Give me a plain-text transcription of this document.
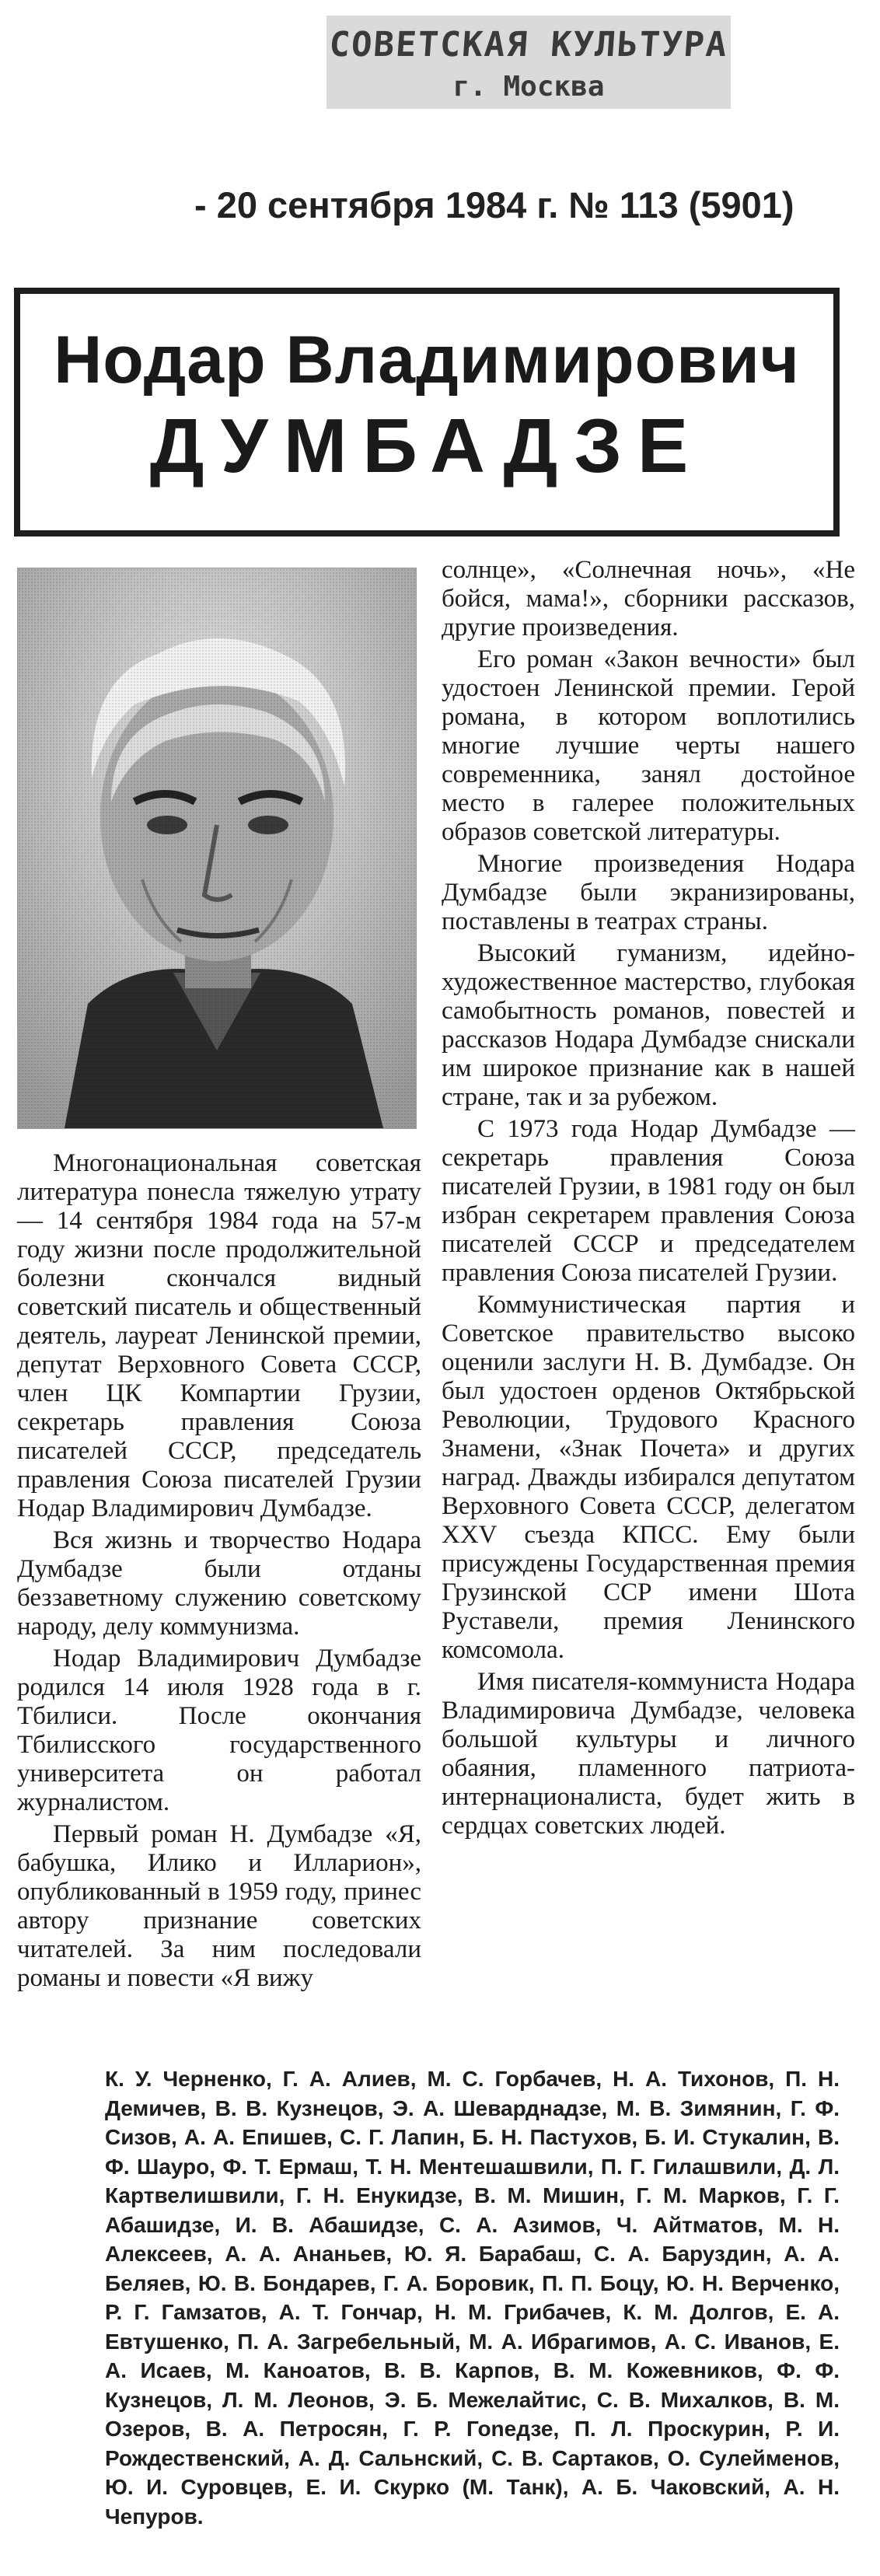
СОВЕТСКАЯ КУЛЬТУРА
г. Москва
- 20 сентября 1984 г. № 113 (5901)
Нодар Владимирович
ДУМБАДЗЕ

Многонациональная советская литература понесла тяжелую утрату — 14 сентября 1984 года на 57-м году жизни после продолжительной болезни скончался видный советский писатель и общественный деятель, лауреат Ленинской премии, депутат Верховного Совета СССР, член ЦК Компартии Грузии, секретарь правления Союза писателей СССР, председатель правления Союза писателей Грузии Нодар Владимирович Думбадзе.

Вся жизнь и творчество Нодара Думбадзе были отданы беззаветному служению советскому народу, делу коммунизма.

Нодар Владимирович Думбадзе родился 14 июля 1928 года в г. Тбилиси. После окончания Тбилисского государственного университета он работал журналистом.

Первый роман Н. Думбадзе «Я, бабушка, Илико и Илларион», опубликованный в 1959 году, принес автору признание советских читателей. За ним последовали романы и повести «Я вижу

солнце», «Солнечная ночь», «Не бойся, мама!», сборники рассказов, другие произведения.

Его роман «Закон вечности» был удостоен Ленинской премии. Герой романа, в котором воплотились многие лучшие черты нашего современника, занял достойное место в галерее положительных образов советской литературы.

Многие произведения Нодара Думбадзе были экранизированы, поставлены в театрах страны.

Высокий гуманизм, идейно-художественное мастерство, глубокая самобытность романов, повестей и рассказов Нодара Думбадзе снискали им широкое признание как в нашей стране, так и за рубежом.

С 1973 года Нодар Думбадзе — секретарь правления Союза писателей Грузии, в 1981 году он был избран секретарем правления Союза писателей СССР и председателем правления Союза писателей Грузии.

Коммунистическая партия и Советское правительство высоко оценили заслуги Н. В. Думбадзе. Он был удостоен орденов Октябрьской Революции, Трудового Красного Знамени, «Знак Почета» и других наград. Дважды избирался депутатом Верховного Совета СССР, делегатом XXV съезда КПСС. Ему были присуждены Государственная премия Грузинской ССР имени Шота Руставели, премия Ленинского комсомола.

Имя писателя-коммуниста Нодара Владимировича Думбадзе, человека большой культуры и личного обаяния, пламенного патриота-интернационалиста, будет жить в сердцах советских людей.

К. У. Черненко, Г. А. Алиев, М. С. Горбачев, Н. А. Тихонов, П. Н. Демичев, В. В. Кузнецов, Э. А. Шеварднадзе, М. В. Зимянин, Г. Ф. Сизов, А. А. Епишев, С. Г. Лапин, Б. Н. Пастухов, Б. И. Стукалин, В. Ф. Шауро, Ф. Т. Ермаш, Т. Н. Ментешашвили, П. Г. Гилашвили, Д. Л. Картвелишвили, Г. Н. Енукидзе, В. М. Мишин, Г. М. Марков, Г. Г. Абашидзе, И. В. Абашидзе, С. А. Азимов, Ч. Айтматов, М. Н. Алексеев, А. А. Ананьев, Ю. Я. Барабаш, С. А. Баруздин, А. А. Беляев, Ю. В. Бондарев, Г. А. Боровик, П. П. Боцу, Ю. Н. Верченко, Р. Г. Гамзатов, А. Т. Гончар, Н. М. Грибачев, К. М. Долгов, Е. А. Евтушенко, П. А. Загребельный, М. А. Ибрагимов, А. С. Иванов, Е. А. Исаев, М. Каноатов, В. В. Карпов, В. М. Кожевников, Ф. Ф. Кузнецов, Л. М. Леонов, Э. Б. Межелайтис, С. В. Михалков, В. М. Озеров, В. А. Петросян, Г. Р. Гоneдзе, П. Л. Проскурин, Р. И. Рождественский, А. Д. Сальнский, С. В. Сартаков, О. Сулейменов, Ю. И. Суровцев, Е. И. Скурко (М. Танк), А. Б. Чаковский, А. Н. Чепуров.
